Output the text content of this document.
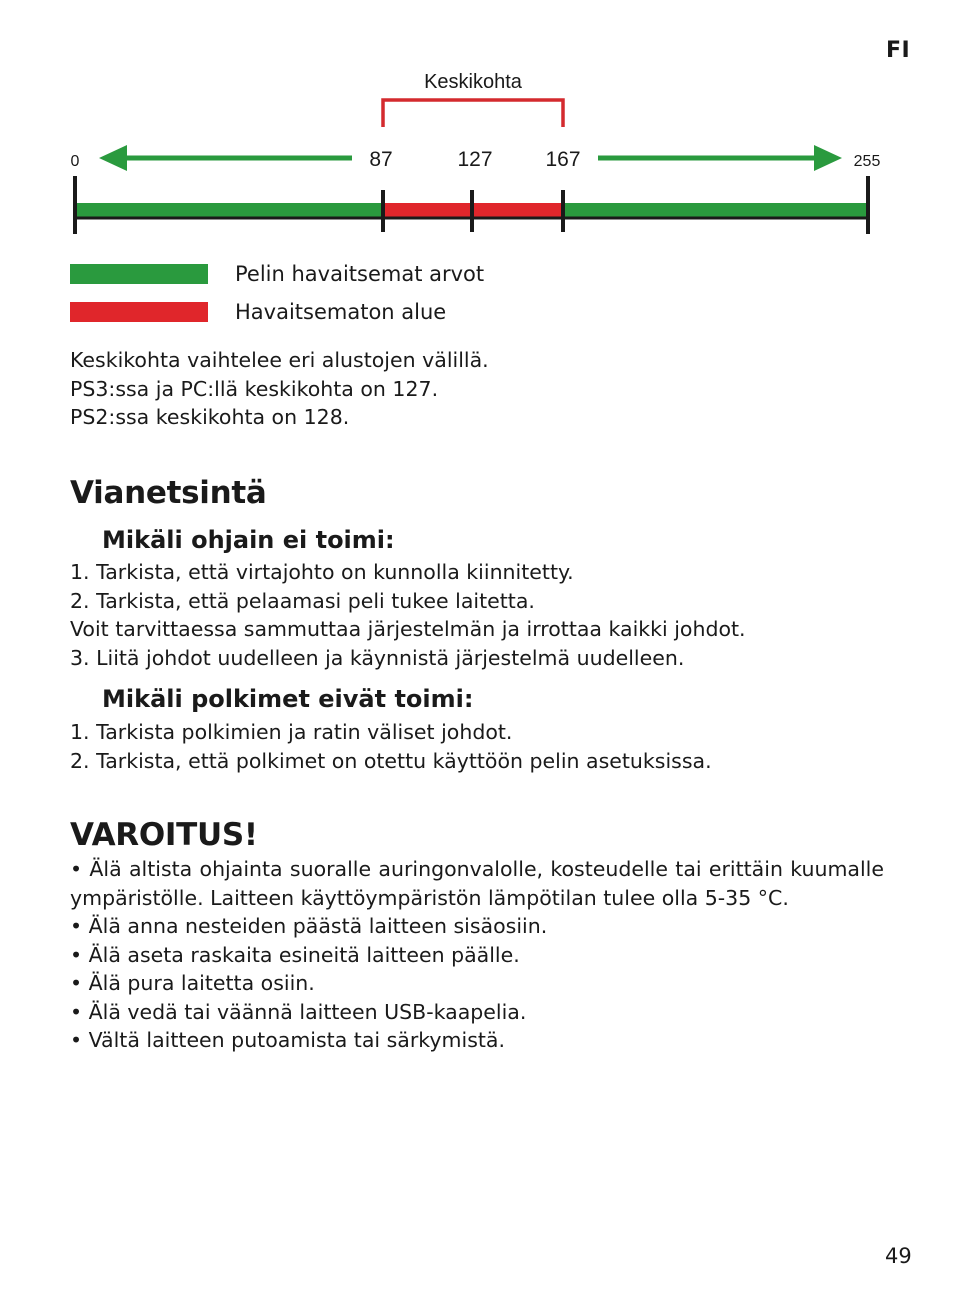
FI
Keskikohta
0	87	127	167	255
Pelin havaitsemat arvot
Havaitsematon alue

Keskikohta vaihtelee eri alustojen välillä.

PS3:ssa ja PC:llä keskikohta on 127.

PS2:ssa keskikohta on 128.

Vianetsintä
Mikäli ohjain ei toimi:

1. Tarkista, että virtajohto on kunnolla kiinnitetty.

2. Tarkista, että pelaamasi peli tukee laitetta.

Voit tarvittaessa sammuttaa järjestelmän ja irrottaa kaikki johdot.

3. Liitä johdot uudelleen ja käynnistä järjestelmä uudelleen.

Mikäli polkimet eivät toimi:

1. Tarkista polkimien ja ratin väliset johdot.

2. Tarkista, että polkimet on otettu käyttöön pelin asetuksissa.

VAROITUS!

• Älä altista ohjainta suoralle auringonvalolle, kosteudelle tai erittäin kuumalle

ympäristölle. Laitteen käyttöympäristön lämpötilan tulee olla 5-35 °C.

• Älä anna nesteiden päästä laitteen sisäosiin.

• Älä aseta raskaita esineitä laitteen päälle.

• Älä pura laitetta osiin.

• Älä vedä tai väännä laitteen USB-kaapelia.

• Vältä laitteen putoamista tai särkymistä.

49
